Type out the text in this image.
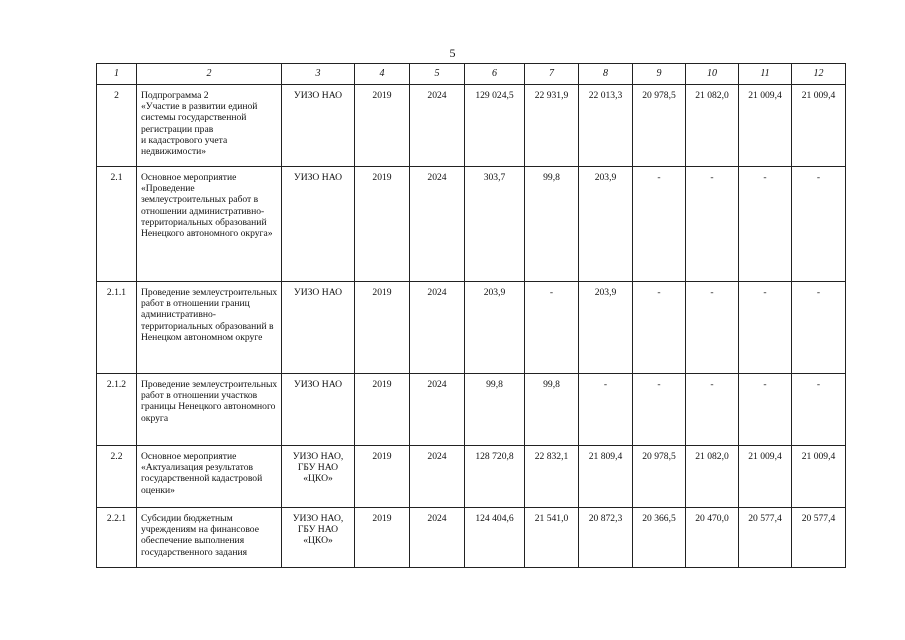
5
1	2	3	4	5	6	7	8	9	10	11	12
2	Подпрограмма 2
«Участие в развитии единой системы государственной регистрации прав
и кадастрового учета недвижимости»	УИЗО НАО	2019	2024	129 024,5	22 931,9	22 013,3	20 978,5	21 082,0	21 009,4	21 009,4
2.1	Основное мероприятие «Проведение землеустроительных работ в отношении административно-территориальных образований Ненецкого автономного округа»	УИЗО НАО	2019	2024	303,7	99,8	203,9	-	-	-	-
2.1.1	Проведение землеустроительных работ в отношении границ административно-территориальных образований в Ненецком автономном округе	УИЗО НАО	2019	2024	203,9	-	203,9	-	-	-	-
2.1.2	Проведение землеустроительных работ в отношении участков границы Ненецкого автономного округа	УИЗО НАО	2019	2024	99,8	99,8	-	-	-	-	-
2.2	Основное мероприятие «Актуализация результатов государственной кадастровой оценки»	УИЗО НАО, ГБУ НАО «ЦКО»	2019	2024	128 720,8	22 832,1	21 809,4	20 978,5	21 082,0	21 009,4	21 009,4
2.2.1	Субсидии бюджетным учреждениям на финансовое обеспечение выполнения государственного задания	УИЗО НАО, ГБУ НАО «ЦКО»	2019	2024	124 404,6	21 541,0	20 872,3	20 366,5	20 470,0	20 577,4	20 577,4
